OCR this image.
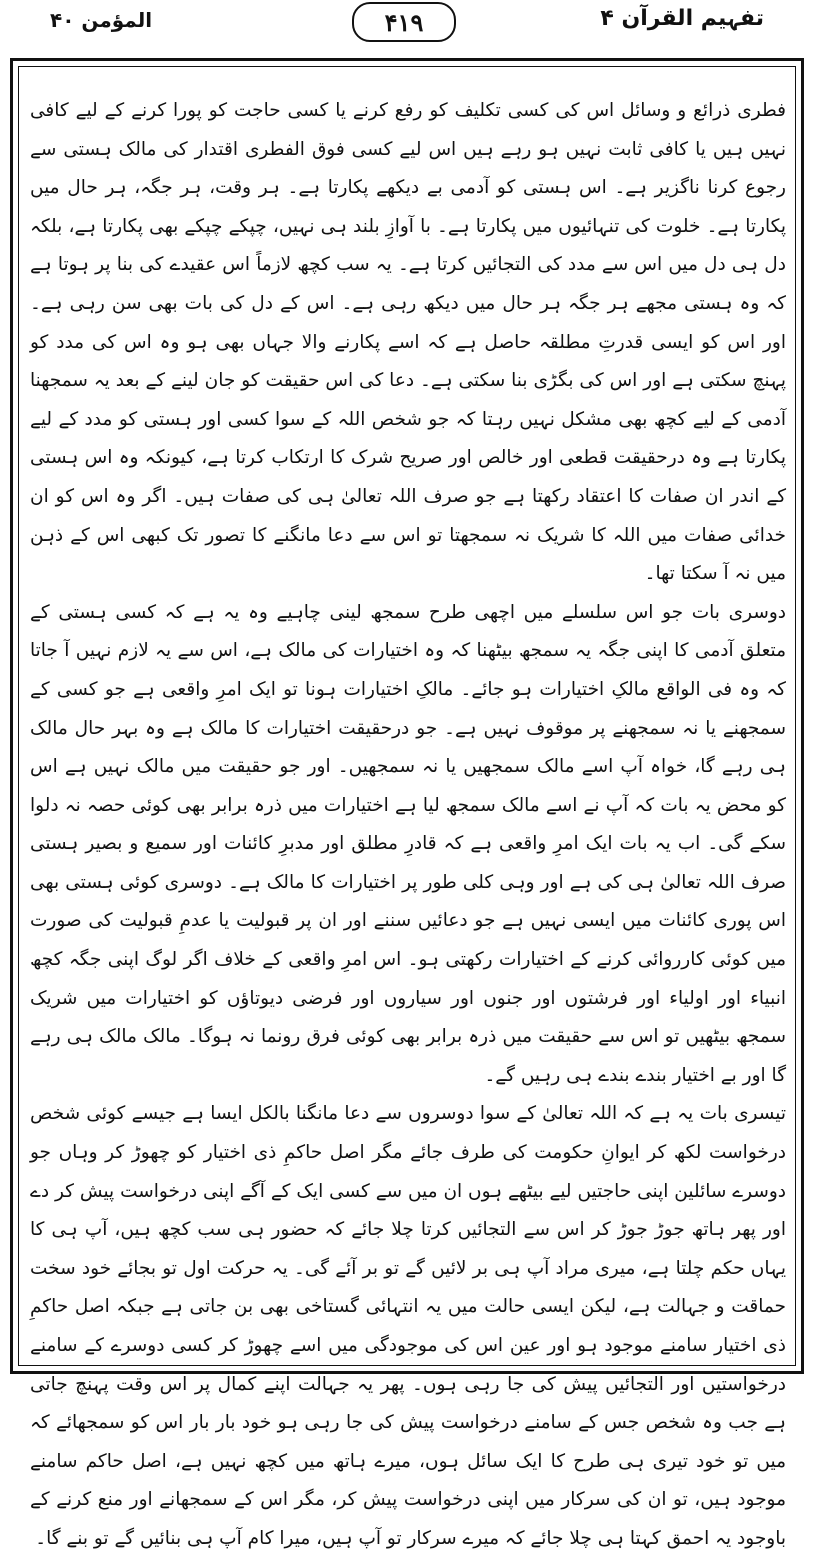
المؤمن ۴۰	۴۱۹	تفہیم القرآن ۴

فطری ذرائع و وسائل اس کی کسی تکلیف کو رفع کرنے یا کسی حاجت کو پورا کرنے کے لیے کافی نہیں ہیں یا کافی ثابت نہیں ہو رہے ہیں اس لیے کسی فوق الفطری اقتدار کی مالک ہستی سے رجوع کرنا ناگزیر ہے۔ اس ہستی کو آدمی بے دیکھے پکارتا ہے۔ ہر وقت، ہر جگہ، ہر حال میں پکارتا ہے۔ خلوت کی تنہائیوں میں پکارتا ہے۔ با آوازِ بلند ہی نہیں، چپکے چپکے بھی پکارتا ہے، بلکہ دل ہی دل میں اس سے مدد کی التجائیں کرتا ہے۔ یہ سب کچھ لازماً اس عقیدے کی بنا پر ہوتا ہے کہ وہ ہستی مجھے ہر جگہ ہر حال میں دیکھ رہی ہے۔ اس کے دل کی بات بھی سن رہی ہے۔ اور اس کو ایسی قدرتِ مطلقہ حاصل ہے کہ اسے پکارنے والا جہاں بھی ہو وہ اس کی مدد کو پہنچ سکتی ہے اور اس کی بگڑی بنا سکتی ہے۔ دعا کی اس حقیقت کو جان لینے کے بعد یہ سمجھنا آدمی کے لیے کچھ بھی مشکل نہیں رہتا کہ جو شخص اللہ کے سوا کسی اور ہستی کو مدد کے لیے پکارتا ہے وہ درحقیقت قطعی اور خالص اور صریح شرک کا ارتکاب کرتا ہے، کیونکہ وہ اس ہستی کے اندر ان صفات کا اعتقاد رکھتا ہے جو صرف اللہ تعالیٰ ہی کی صفات ہیں۔ اگر وہ اس کو ان خدائی صفات میں اللہ کا شریک نہ سمجھتا تو اس سے دعا مانگنے کا تصور تک کبھی اس کے ذہن میں نہ آ سکتا تھا۔

دوسری بات جو اس سلسلے میں اچھی طرح سمجھ لینی چاہیے وہ یہ ہے کہ کسی ہستی کے متعلق آدمی کا اپنی جگہ یہ سمجھ بیٹھنا کہ وہ اختیارات کی مالک ہے، اس سے یہ لازم نہیں آ جاتا کہ وہ فی الواقع مالکِ اختیارات ہو جائے۔ مالکِ اختیارات ہونا تو ایک امرِ واقعی ہے جو کسی کے سمجھنے یا نہ سمجھنے پر موقوف نہیں ہے۔ جو درحقیقت اختیارات کا مالک ہے وہ بہر حال مالک ہی رہے گا، خواہ آپ اسے مالک سمجھیں یا نہ سمجھیں۔ اور جو حقیقت میں مالک نہیں ہے اس کو محض یہ بات کہ آپ نے اسے مالک سمجھ لیا ہے اختیارات میں ذرہ برابر بھی کوئی حصہ نہ دلوا سکے گی۔ اب یہ بات ایک امرِ واقعی ہے کہ قادرِ مطلق اور مدبرِ کائنات اور سمیع و بصیر ہستی صرف اللہ تعالیٰ ہی کی ہے اور وہی کلی طور پر اختیارات کا مالک ہے۔ دوسری کوئی ہستی بھی اس پوری کائنات میں ایسی نہیں ہے جو دعائیں سننے اور ان پر قبولیت یا عدمِ قبولیت کی صورت میں کوئی کارروائی کرنے کے اختیارات رکھتی ہو۔ اس امرِ واقعی کے خلاف اگر لوگ اپنی جگہ کچھ انبیاء اور اولیاء اور فرشتوں اور جنوں اور سیاروں اور فرضی دیوتاؤں کو اختیارات میں شریک سمجھ بیٹھیں تو اس سے حقیقت میں ذرہ برابر بھی کوئی فرق رونما نہ ہوگا۔ مالک مالک ہی رہے گا اور بے اختیار بندے بندے ہی رہیں گے۔

تیسری بات یہ ہے کہ اللہ تعالیٰ کے سوا دوسروں سے دعا مانگنا بالکل ایسا ہے جیسے کوئی شخص درخواست لکھ کر ایوانِ حکومت کی طرف جائے مگر اصل حاکمِ ذی اختیار کو چھوڑ کر وہاں جو دوسرے سائلین اپنی حاجتیں لیے بیٹھے ہوں ان میں سے کسی ایک کے آگے اپنی درخواست پیش کر دے اور پھر ہاتھ جوڑ جوڑ کر اس سے التجائیں کرتا چلا جائے کہ حضور ہی سب کچھ ہیں، آپ ہی کا یہاں حکم چلتا ہے، میری مراد آپ ہی بر لائیں گے تو بر آئے گی۔ یہ حرکت اول تو بجائے خود سخت حماقت و جہالت ہے، لیکن ایسی حالت میں یہ انتہائی گستاخی بھی بن جاتی ہے جبکہ اصل حاکمِ ذی اختیار سامنے موجود ہو اور عین اس کی موجودگی میں اسے چھوڑ کر کسی دوسرے کے سامنے درخواستیں اور التجائیں پیش کی جا رہی ہوں۔ پھر یہ جہالت اپنے کمال پر اس وقت پہنچ جاتی ہے جب وہ شخص جس کے سامنے درخواست پیش کی جا رہی ہو خود بار بار اس کو سمجھائے کہ میں تو خود تیری ہی طرح کا ایک سائل ہوں، میرے ہاتھ میں کچھ نہیں ہے، اصل حاکم سامنے موجود ہیں، تو ان کی سرکار میں اپنی درخواست پیش کر، مگر اس کے سمجھانے اور منع کرنے کے باوجود یہ احمق کہتا ہی چلا جائے کہ میرے سرکار تو آپ ہیں، میرا کام آپ ہی بنائیں گے تو بنے گا۔
